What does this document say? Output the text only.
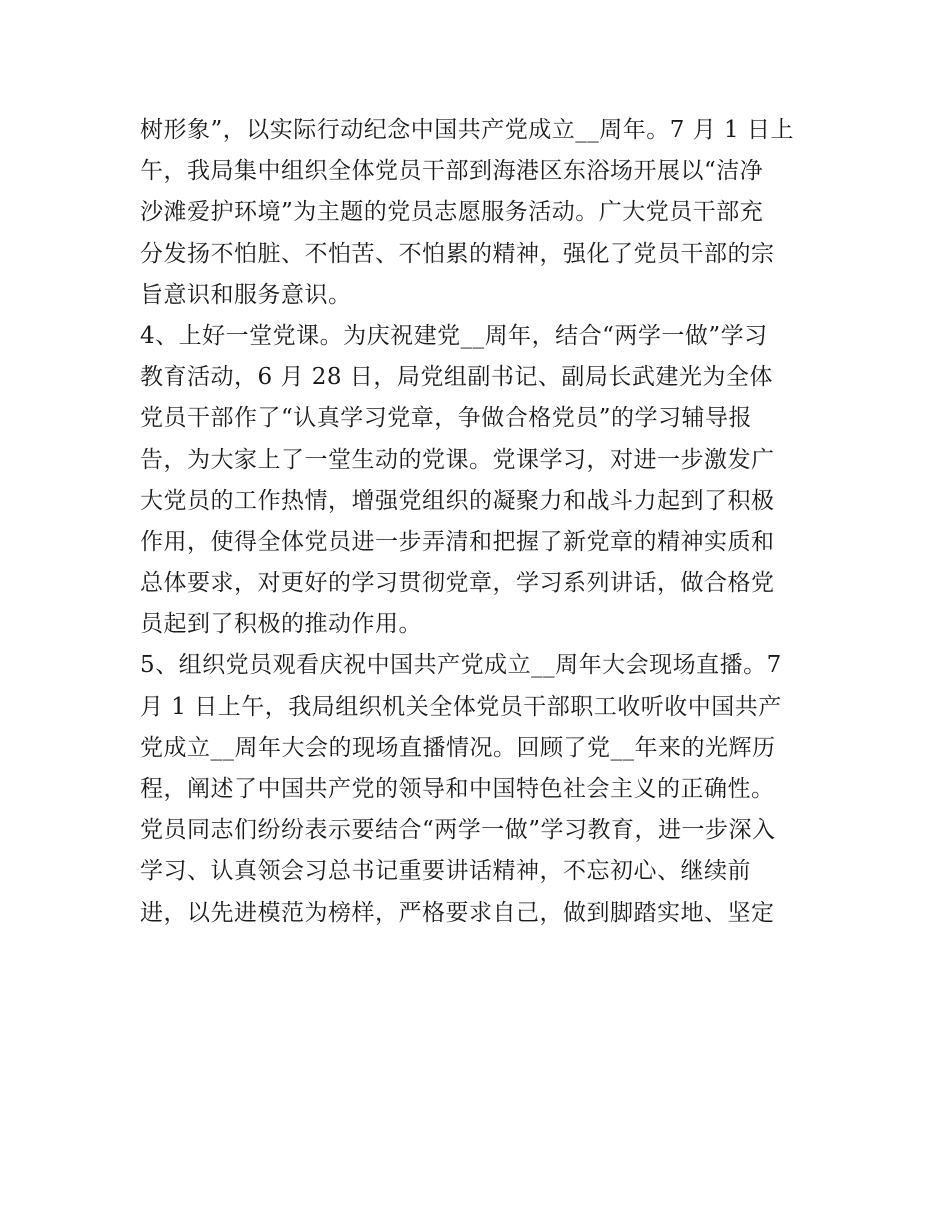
树形象”，以实际行动纪念中国共产党成立__周年。7 月 1 日上
午，我局集中组织全体党员干部到海港区东浴场开展以“洁净
沙滩爱护环境”为主题的党员志愿服务活动。广大党员干部充
分发扬不怕脏、不怕苦、不怕累的精神，强化了党员干部的宗
旨意识和服务意识。
4、上好一堂党课。为庆祝建党__周年，结合“两学一做”学习
教育活动，6 月 28 日，局党组副书记、副局长武建光为全体
党员干部作了“认真学习党章，争做合格党员”的学习辅导报
告，为大家上了一堂生动的党课。党课学习，对进一步激发广
大党员的工作热情，增强党组织的凝聚力和战斗力起到了积极
作用，使得全体党员进一步弄清和把握了新党章的精神实质和
总体要求，对更好的学习贯彻党章，学习系列讲话，做合格党
员起到了积极的推动作用。
5、组织党员观看庆祝中国共产党成立__周年大会现场直播。7
月 1 日上午，我局组织机关全体党员干部职工收听收中国共产
党成立__周年大会的现场直播情况。回顾了党__年来的光辉历
程，阐述了中国共产党的领导和中国特色社会主义的正确性。
党员同志们纷纷表示要结合“两学一做”学习教育，进一步深入
学习、认真领会习总书记重要讲话精神，不忘初心、继续前
进，以先进模范为榜样，严格要求自己，做到脚踏实地、坚定
